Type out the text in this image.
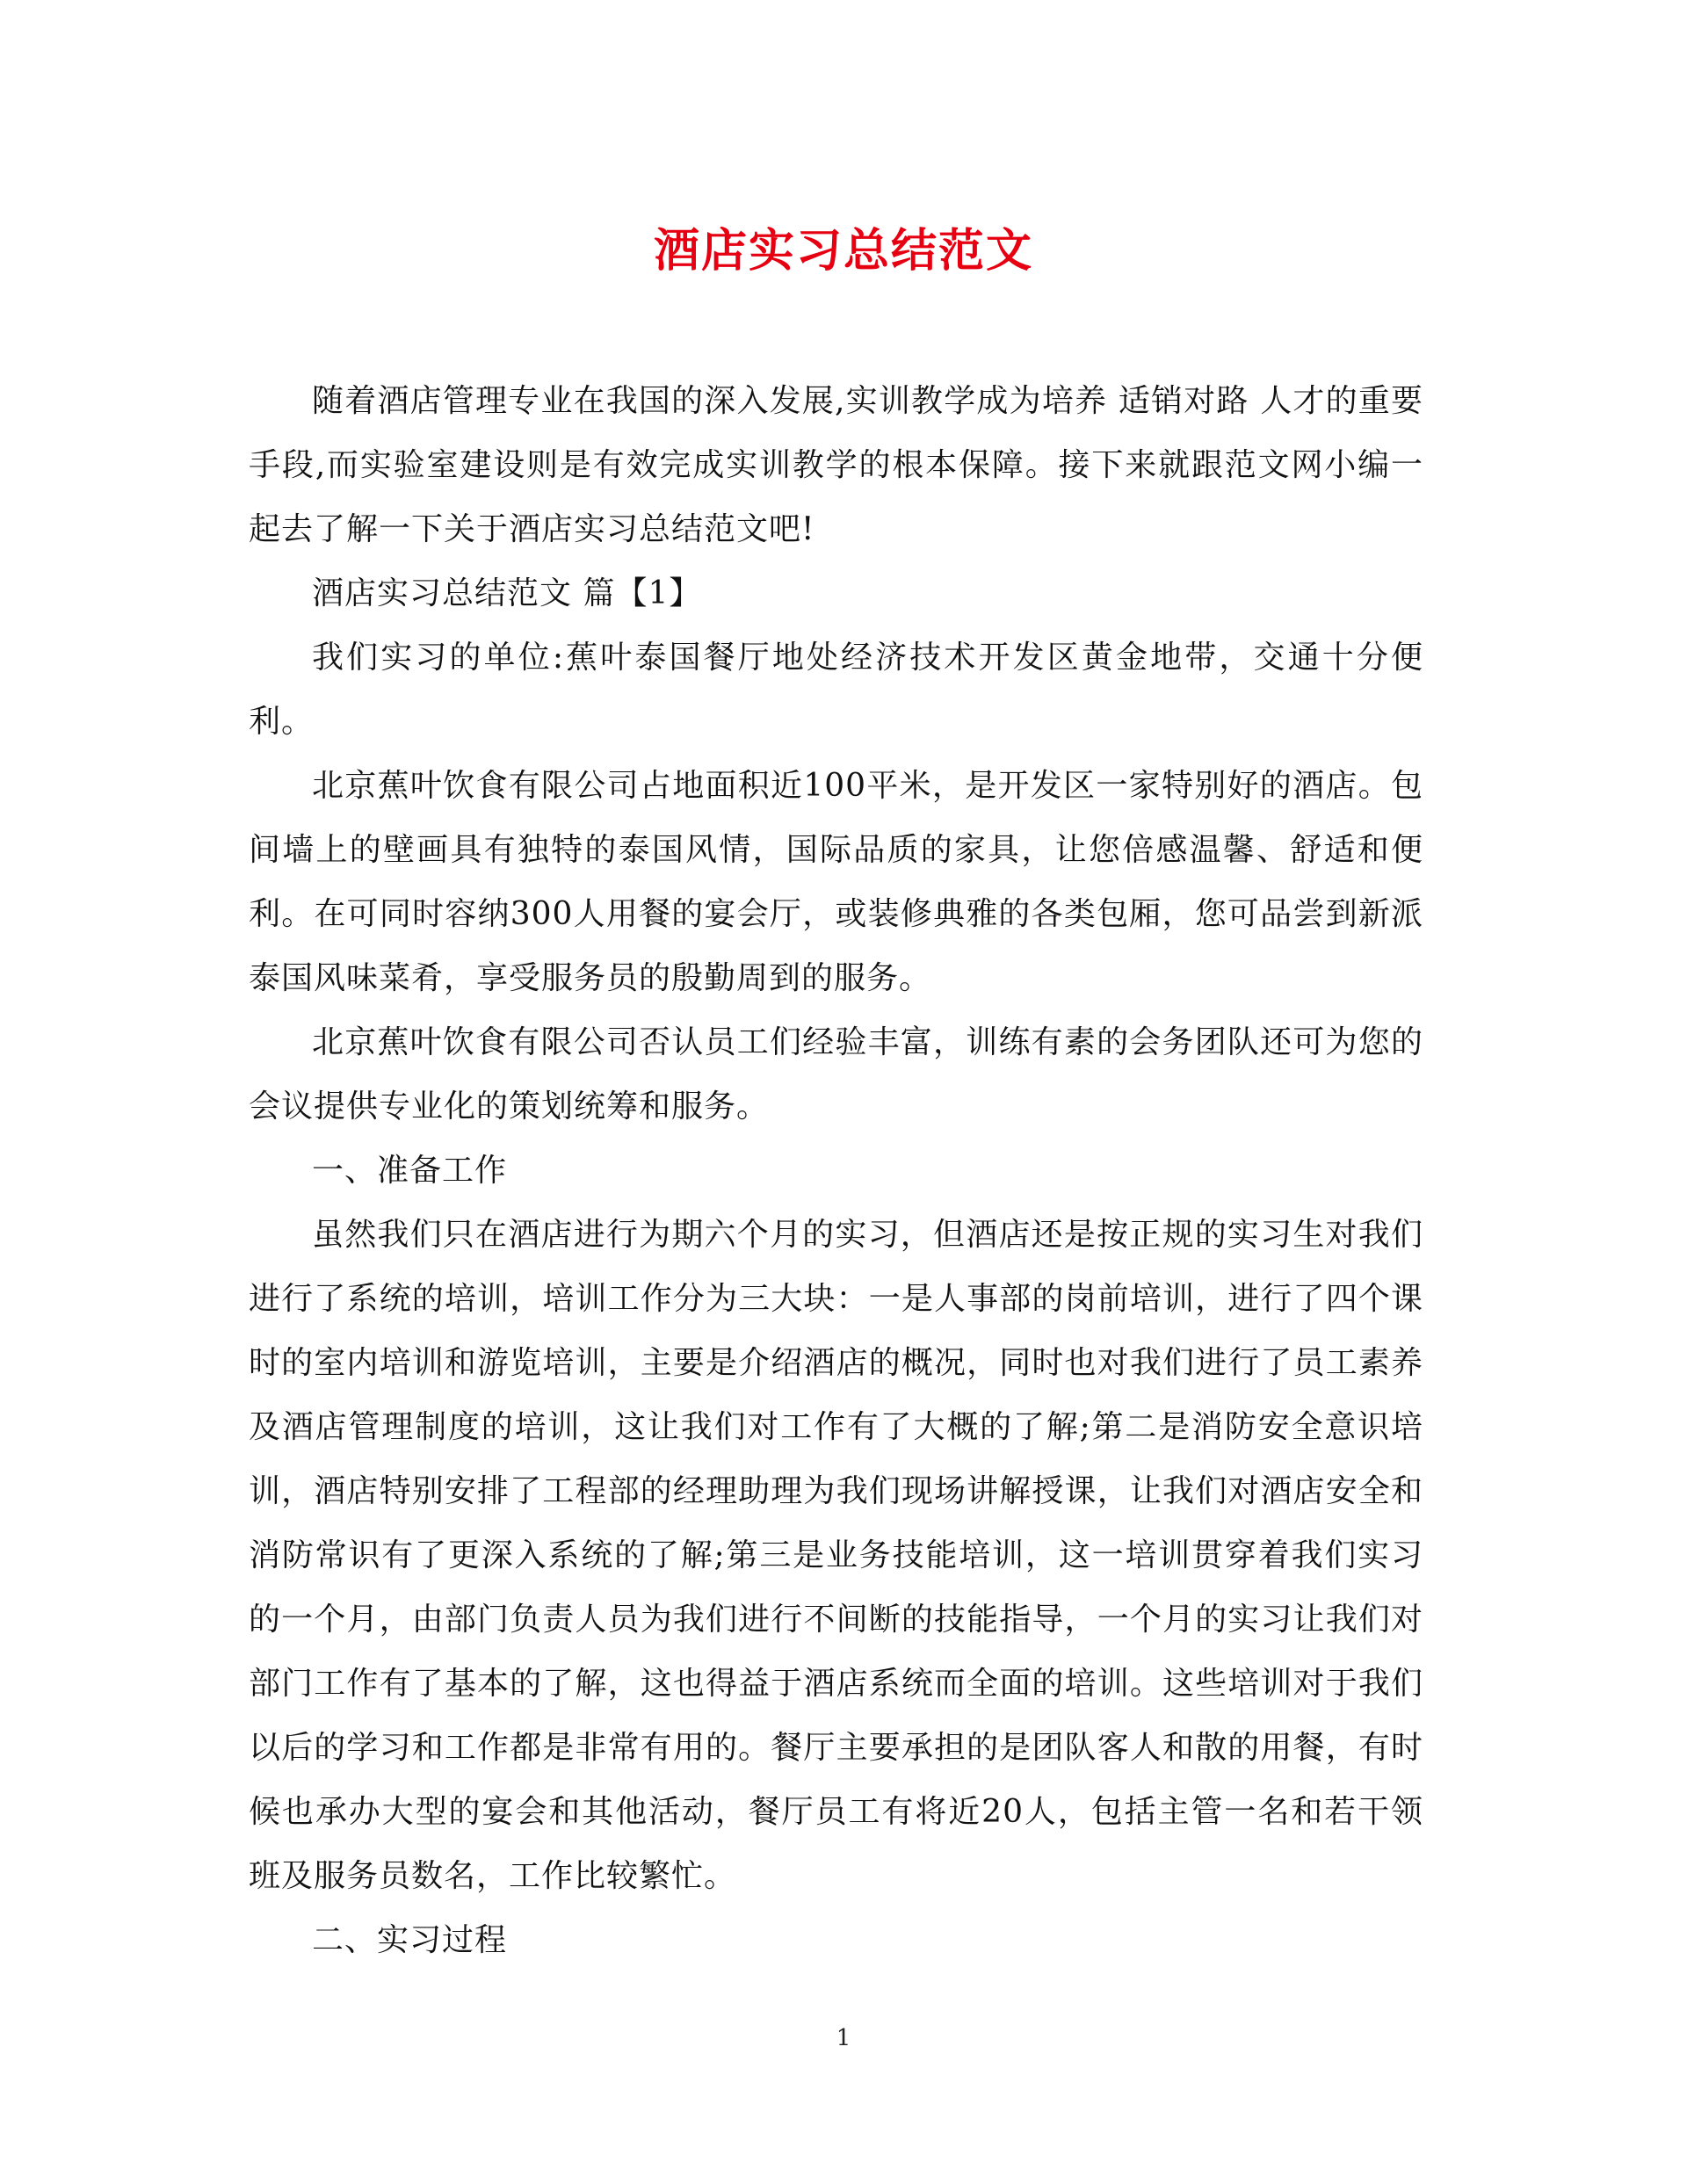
酒店实习总结范文

随着酒店管理专业在我国的深入发展,实训教学成为培养 适销对路 人才的重要手段,而实验室建设则是有效完成实训教学的根本保障。接下来就跟范文网小编一起去了解一下关于酒店实习总结范文吧!

酒店实习总结范文 篇【1】

我们实习的单位:蕉叶泰国餐厅地处经济技术开发区黄金地带，交通十分便利。

北京蕉叶饮食有限公司占地面积近100平米，是开发区一家特别好的酒店。包间墙上的壁画具有独特的泰国风情，国际品质的家具，让您倍感温馨、舒适和便利。在可同时容纳300人用餐的宴会厅，或装修典雅的各类包厢，您可品尝到新派泰国风味菜肴，享受服务员的殷勤周到的服务。

北京蕉叶饮食有限公司否认员工们经验丰富，训练有素的会务团队还可为您的会议提供专业化的策划统筹和服务。

一、准备工作

虽然我们只在酒店进行为期六个月的实习，但酒店还是按正规的实习生对我们进行了系统的培训，培训工作分为三大块：一是人事部的岗前培训，进行了四个课时的室内培训和游览培训，主要是介绍酒店的概况，同时也对我们进行了员工素养及酒店管理制度的培训，这让我们对工作有了大概的了解;第二是消防安全意识培训，酒店特别安排了工程部的经理助理为我们现场讲解授课，让我们对酒店安全和消防常识有了更深入系统的了解;第三是业务技能培训，这一培训贯穿着我们实习的一个月，由部门负责人员为我们进行不间断的技能指导，一个月的实习让我们对部门工作有了基本的了解，这也得益于酒店系统而全面的培训。这些培训对于我们以后的学习和工作都是非常有用的。餐厅主要承担的是团队客人和散的用餐，有时候也承办大型的宴会和其他活动，餐厅员工有将近20人，包括主管一名和若干领班及服务员数名，工作比较繁忙。

二、实习过程

1
